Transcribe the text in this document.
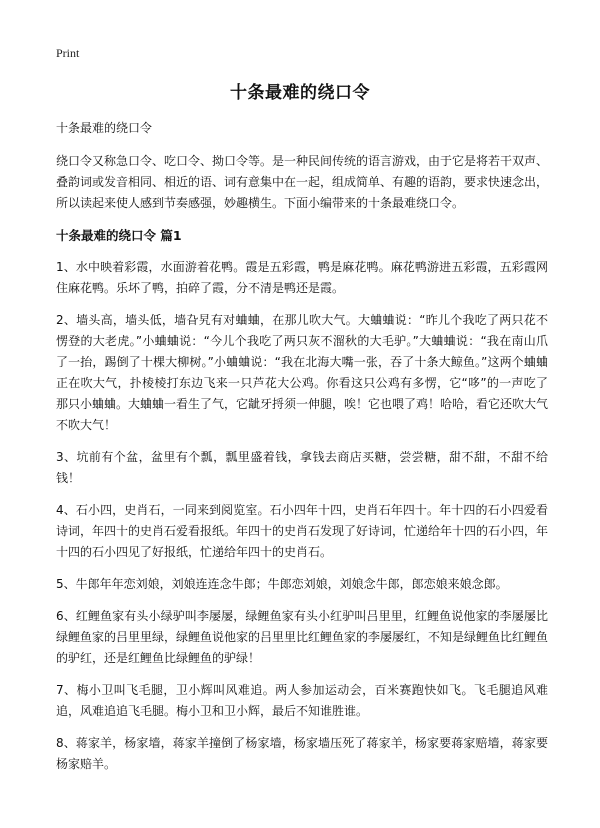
Print
十条最难的绕口令

十条最难的绕口令

绕口令又称急口令、吃口令、拗口令等。是一种民间传统的语言游戏，由于它是将若干双声、叠韵词或发音相同、相近的语、词有意集中在一起，组成简单、有趣的语韵，要求快速念出，所以读起来使人感到节奏感强，妙趣横生。下面小编带来的十条最难绕口令。

十条最难的绕口令 篇1

1、水中映着彩霞，水面游着花鸭。霞是五彩霞，鸭是麻花鸭。麻花鸭游进五彩霞，五彩霞网住麻花鸭。乐坏了鸭，拍碎了霞，分不清是鸭还是霞。

2、墙头高，墙头低，墙旮旯有对蛐蛐，在那儿吹大气。大蛐蛐说：“昨儿个我吃了两只花不愣登的大老虎。”小蛐蛐说：“今儿个我吃了两只灰不溜秋的大毛驴。”大蛐蛐说：“我在南山爪了一抬，踢倒了十棵大柳树。”小蛐蛐说：“我在北海大嘴一张，吞了十条大鲸鱼。”这两个蛐蛐正在吹大气，扑棱棱打东边飞来一只芦花大公鸡。你看这只公鸡有多愣，它“哆”的一声吃了那只小蛐蛐。大蛐蛐一看生了气，它龇牙捋须一伸腿，唉！它也喂了鸡！哈哈，看它还吹大气不吹大气！

3、坑前有个盆，盆里有个瓢，瓢里盛着钱，拿钱去商店买糖，尝尝糖，甜不甜，不甜不给钱！

4、石小四，史肖石，一同来到阅览室。石小四年十四，史肖石年四十。年十四的石小四爱看诗词，年四十的史肖石爱看报纸。年四十的史肖石发现了好诗词，忙递给年十四的石小四，年十四的石小四见了好报纸，忙递给年四十的史肖石。

5、牛郎年年恋刘娘，刘娘连连念牛郎；牛郎恋刘娘，刘娘念牛郎，郎恋娘来娘念郎。

6、红鲤鱼家有头小绿驴叫李屡屡，绿鲤鱼家有头小红驴叫吕里里，红鲤鱼说他家的李屡屡比绿鲤鱼家的吕里里绿，绿鲤鱼说他家的吕里里比红鲤鱼家的李屡屡红，不知是绿鲤鱼比红鲤鱼的驴红，还是红鲤鱼比绿鲤鱼的驴绿！

7、梅小卫叫飞毛腿，卫小辉叫风难追。两人参加运动会，百米赛跑快如飞。飞毛腿追风难追，风难追追飞毛腿。梅小卫和卫小辉，最后不知谁胜谁。

8、蒋家羊，杨家墙，蒋家羊撞倒了杨家墙，杨家墙压死了蒋家羊，杨家要蒋家赔墙，蒋家要杨家赔羊。
